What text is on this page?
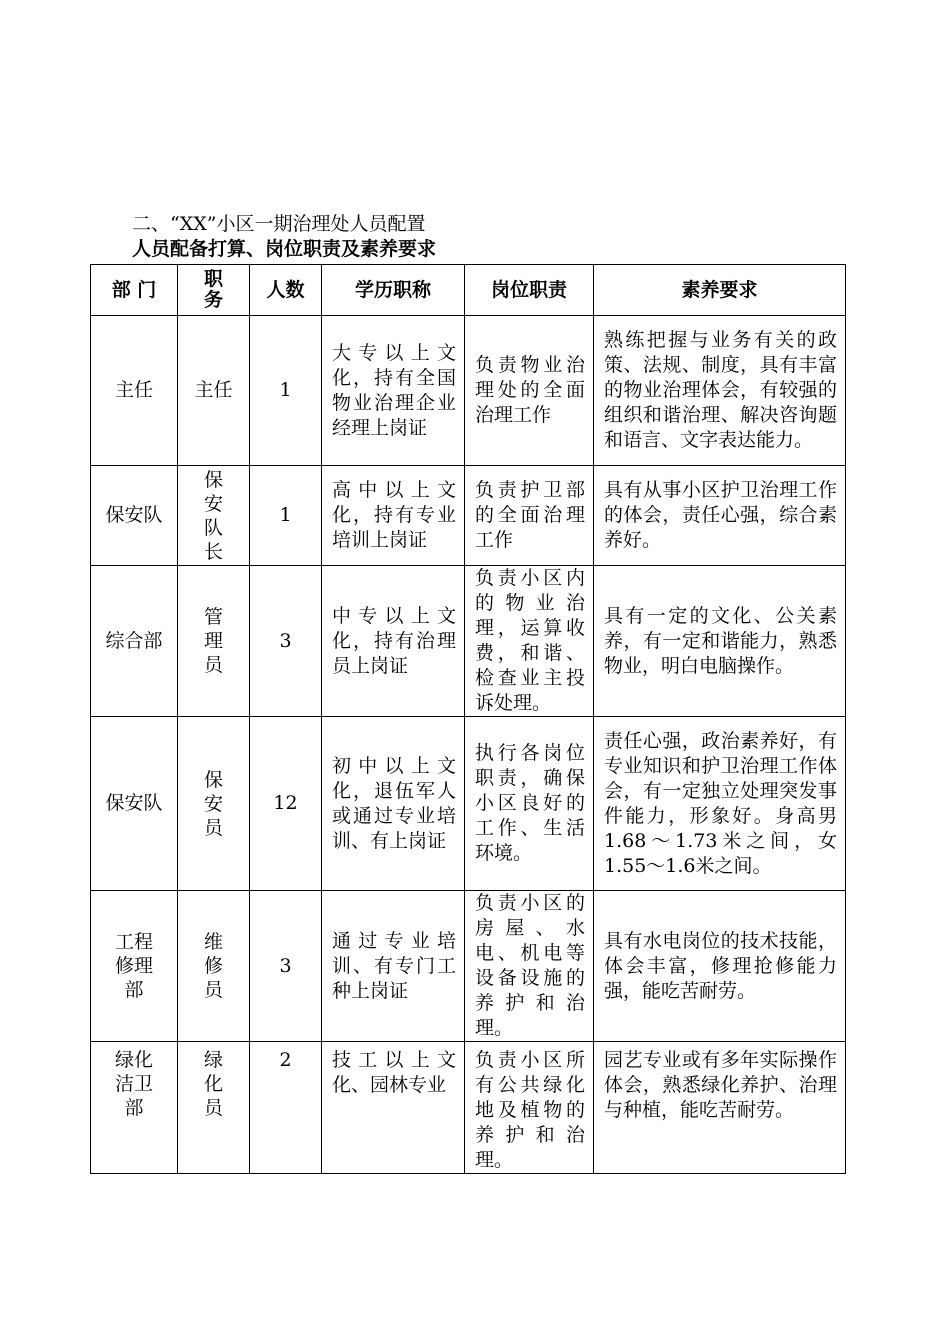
二、“XX”小区一期治理处人员配置
人员配备打算、岗位职责及素养要求
部 门	职务	人数	学历职称	岗位职责	素养要求
主任	主任	1	大专以上文化，持有全国物业治理企业经理上岗证	负责物业治理处的全面治理工作	熟练把握与业务有关的政策、法规、制度，具有丰富的物业治理体会，有较强的组织和谐治理、解决咨询题和语言、文字表达能力。
保安队	保安队长	1	高中以上文化，持有专业培训上岗证	负责护卫部的全面治理工作	具有从事小区护卫治理工作的体会，责任心强，综合素养好。
综合部	管理员	3	中专以上文化，持有治理员上岗证	负责小区内的物业治理，运算收费，和谐、检查业主投诉处理。	具有一定的文化、公关素养，有一定和谐能力，熟悉物业，明白电脑操作。
保安队	保安员	12	初中以上文化，退伍军人或通过专业培训、有上岗证	执行各岗位职责，确保小区良好的工作、生活环境。	责任心强，政治素养好，有专业知识和护卫治理工作体会，有一定独立处理突发事件能力，形象好。身高男1.68～1.73米之间，女1.55～1.6米之间。
工程修理部	维修员	3	通过专业培训、有专门工种上岗证	负责小区的房屋、水电、机电等设备设施的养护和治理。	具有水电岗位的技术技能，体会丰富，修理抢修能力强，能吃苦耐劳。
绿化洁卫部	绿化员	2	技工以上文化、园林专业	负责小区所有公共绿化地及植物的养护和治理。	园艺专业或有多年实际操作体会，熟悉绿化养护、治理与种植，能吃苦耐劳。
